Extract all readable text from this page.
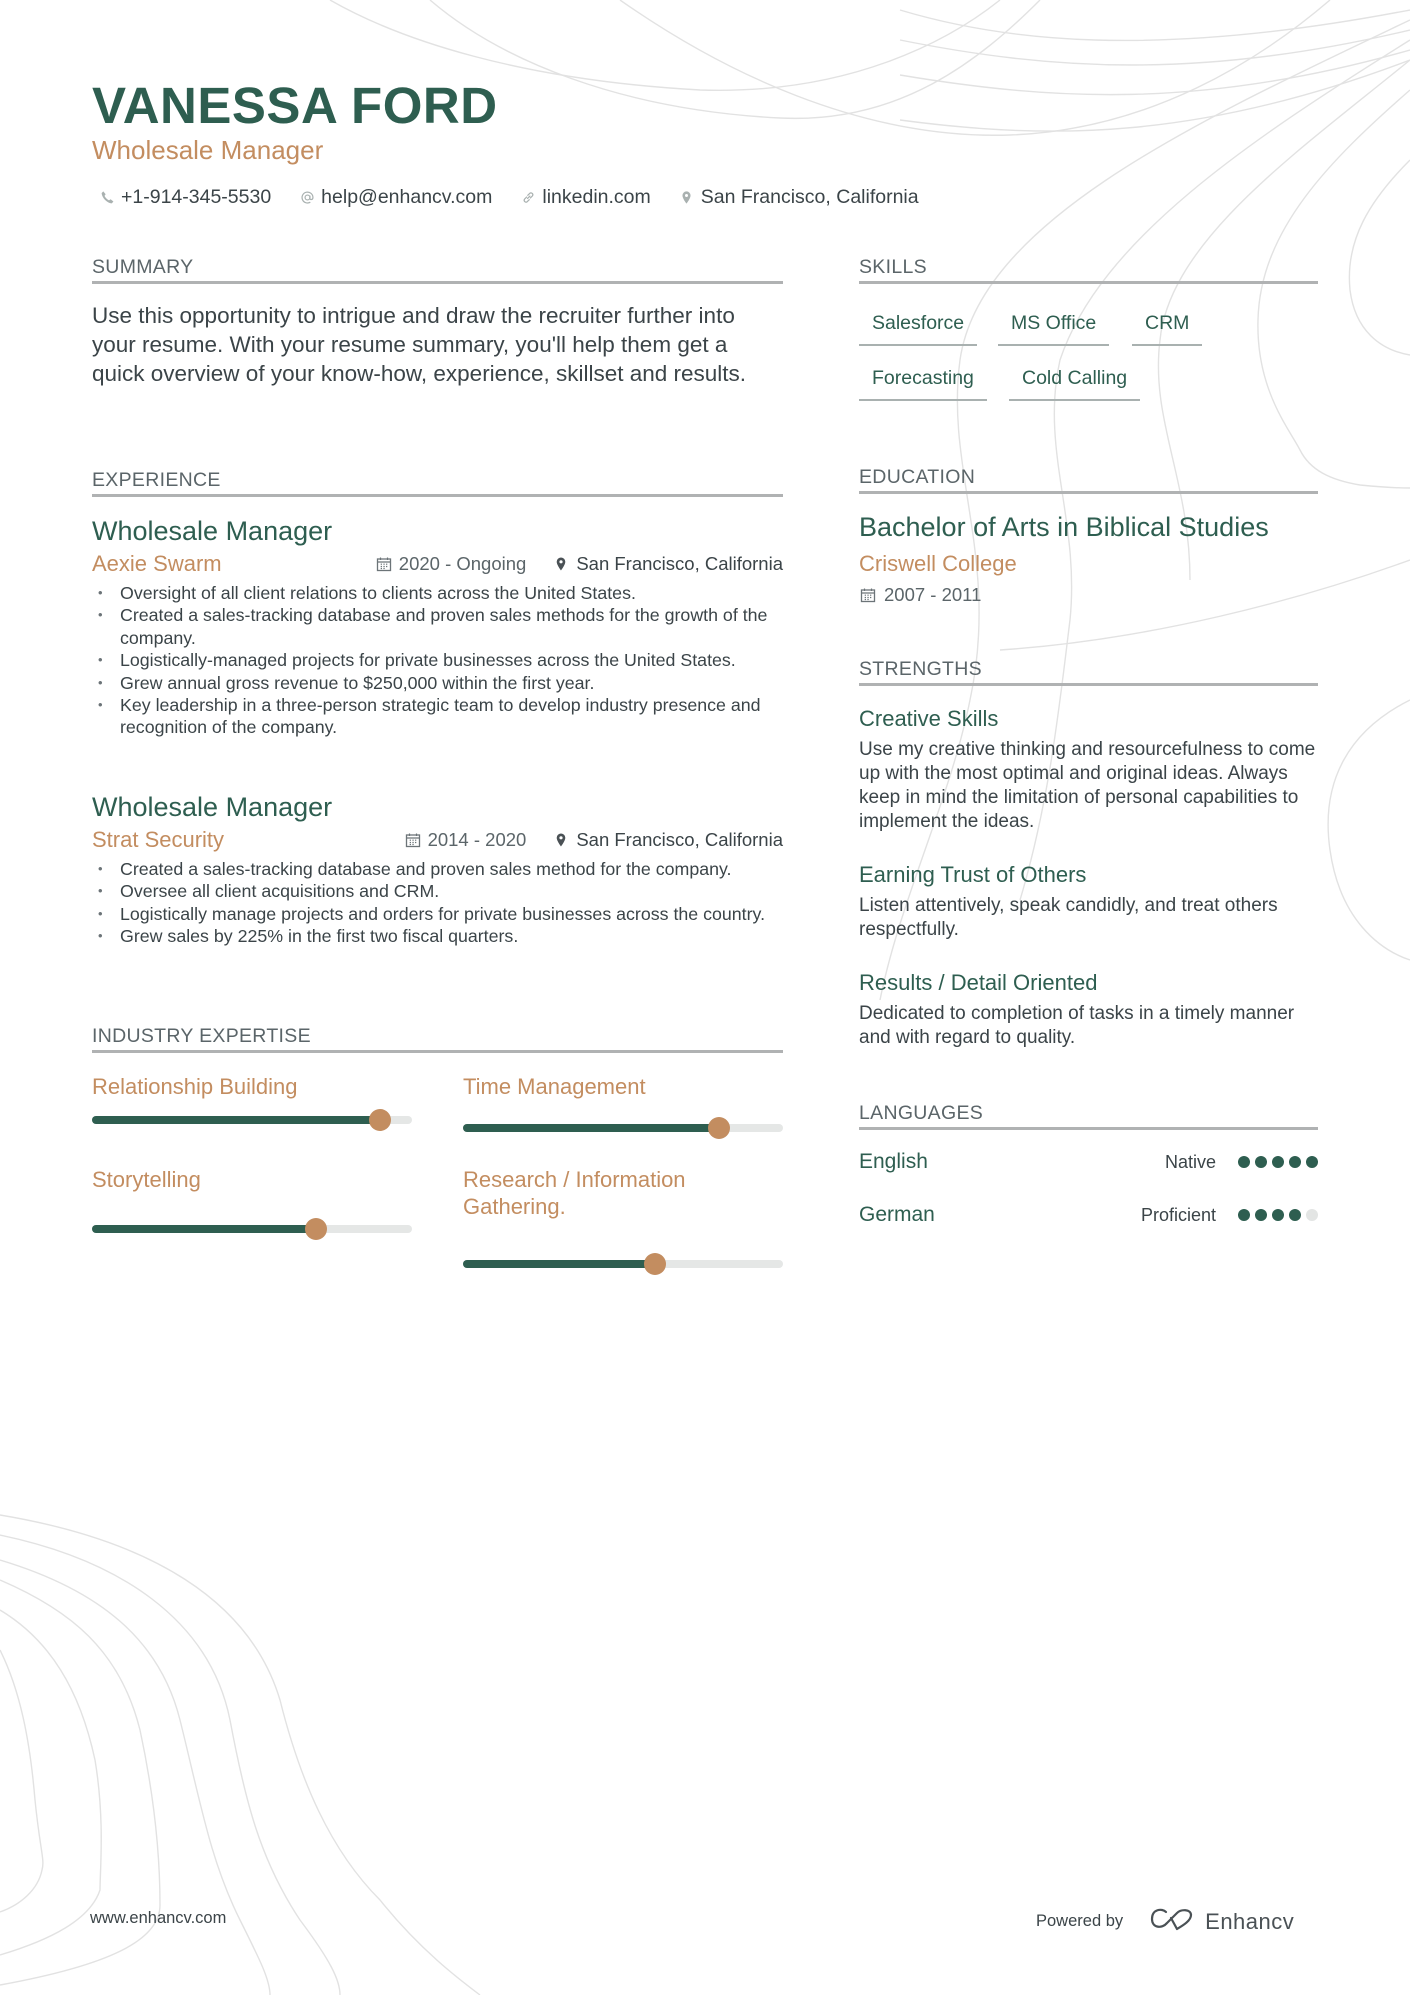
VANESSA FORD
Wholesale Manager
+1-914-345-5530	help@enhancv.com	linkedin.com	San Francisco, California
SUMMARY
Use this opportunity to intrigue and draw the recruiter further into your resume. With your resume summary, you'll help them get a quick overview of your know-how, experience, skillset and results.
EXPERIENCE
Wholesale Manager
Aexie Swarm	2020 - Ongoing	San Francisco, California
• Oversight of all client relations to clients across the United States.
• Created a sales-tracking database and proven sales methods for the growth of the company.
• Logistically-managed projects for private businesses across the United States.
• Grew annual gross revenue to $250,000 within the first year.
• Key leadership in a three-person strategic team to develop industry presence and recognition of the company.
Wholesale Manager
Strat Security	2014 - 2020	San Francisco, California
• Created a sales-tracking database and proven sales method for the company.
• Oversee all client acquisitions and CRM.
• Logistically manage projects and orders for private businesses across the country.
• Grew sales by 225% in the first two fiscal quarters.
INDUSTRY EXPERTISE
Relationship Building	Time Management
Storytelling	Research / Information Gathering.
SKILLS
Salesforce	MS Office	CRM
Forecasting	Cold Calling
EDUCATION
Bachelor of Arts in Biblical Studies
Criswell College
2007 - 2011
STRENGTHS
Creative Skills
Use my creative thinking and resourcefulness to come up with the most optimal and original ideas. Always keep in mind the limitation of personal capabilities to implement the ideas.
Earning Trust of Others
Listen attentively, speak candidly, and treat others respectfully.
Results / Detail Oriented
Dedicated to completion of tasks in a timely manner and with regard to quality.
LANGUAGES
English	Native
German	Proficient
www.enhancv.com	Powered by	Enhancv
